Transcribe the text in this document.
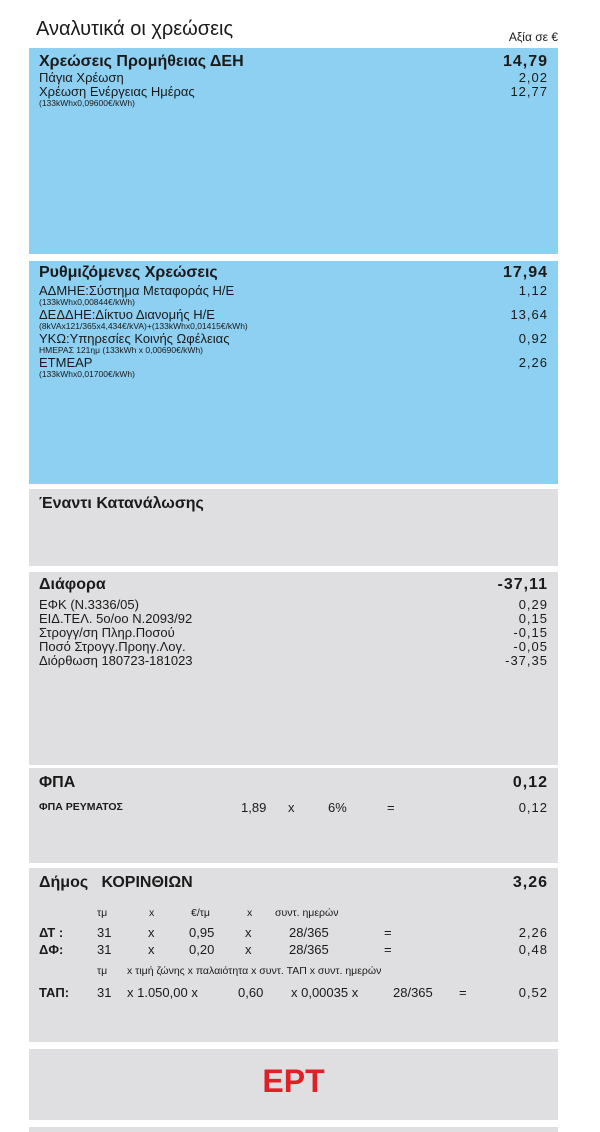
Αναλυτικά οι χρεώσεις	Αξία σε €
Χρεώσεις Προμήθειας ΔΕΗ	14,79
Πάγια Χρέωση	2,02
Χρέωση Ενέργειας Ημέρας	12,77
(133kWhx0,09600€/kWh)
Ρυθμιζόμενες Χρεώσεις	17,94
ΑΔΜΗΕ:Σύστημα Μεταφοράς Η/Ε	1,12
(133kWhx0,00844€/kWh)
ΔΕΔΔΗΕ:Δίκτυο Διανομής Η/Ε	13,64
(8kVAx121/365x4,434€/kVA)+(133kWhx0,01415€/kWh)
ΥΚΩ:Υπηρεσίες Κοινής Ωφέλειας	0,92
ΗΜΕΡΑΣ 121ημ (133kWh x 0,00690€/kWh)
ΕΤΜΕΑΡ	2,26
(133kWhx0,01700€/kWh)
Έναντι Κατανάλωσης
Διάφορα	-37,11
ΕΦΚ (Ν.3336/05)	0,29
ΕΙΔ.ΤΕΛ. 5ο/οο Ν.2093/92	0,15
Στρογγ/ση Πληρ.Ποσού	-0,15
Ποσό Στρογγ.Προηγ.Λογ.	-0,05
Διόρθωση 180723-181023	-37,35
ΦΠΑ	0,12
ΦΠΑ ΡΕΥΜΑΤΟΣ	1,89 x	6%	=	0,12
Δήμος ΚΟΡΙΝΘΙΩΝ	3,26
τμ	x	€/τμ	x συντ. ημερών
ΔΤ :	31	x	0,95 x	28/365	=	2,26
ΔΦ:	31	x	0,20 x	28/365	=	0,48
τμ x τιμή ζώνης x παλαιότητα x συντ. ΤΑΠ x συντ. ημερών
ΤΑΠ: 31 x 1.050,00 x	0,60 x 0,00035 x	28/365 =	0,52
ΕΡΤ
